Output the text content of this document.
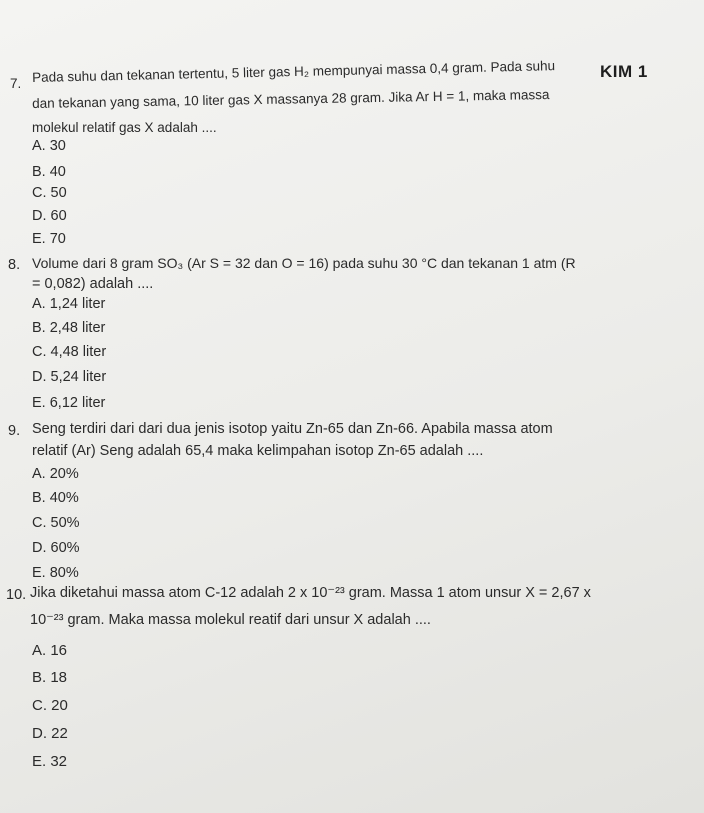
KIM 1
7. Pada suhu dan tekanan tertentu, 5 liter gas H₂ mempunyai massa 0,4 gram. Pada suhu
dan tekanan yang sama, 10 liter gas X massanya 28 gram. Jika Ar H = 1, maka massa
molekul relatif gas X adalah ....
A. 30
B. 40
C. 50
D. 60
E. 70
8. Volume dari 8 gram SO₃ (Ar S = 32 dan O = 16) pada suhu 30 °C dan tekanan 1 atm (R
= 0,082) adalah ....
A. 1,24 liter
B. 2,48 liter
C. 4,48 liter
D. 5,24 liter
E. 6,12 liter
9. Seng terdiri dari dari dua jenis isotop yaitu Zn-65 dan Zn-66. Apabila massa atom
relatif (Ar) Seng adalah 65,4 maka kelimpahan isotop Zn-65 adalah ....
A. 20%
B. 40%
C. 50%
D. 60%
E. 80%
10. Jika diketahui massa atom C-12 adalah 2 x 10⁻²³ gram. Massa 1 atom unsur X = 2,67 x
10⁻²³ gram. Maka massa molekul reatif dari unsur X adalah ....
A. 16
B. 18
C. 20
D. 22
E. 32
